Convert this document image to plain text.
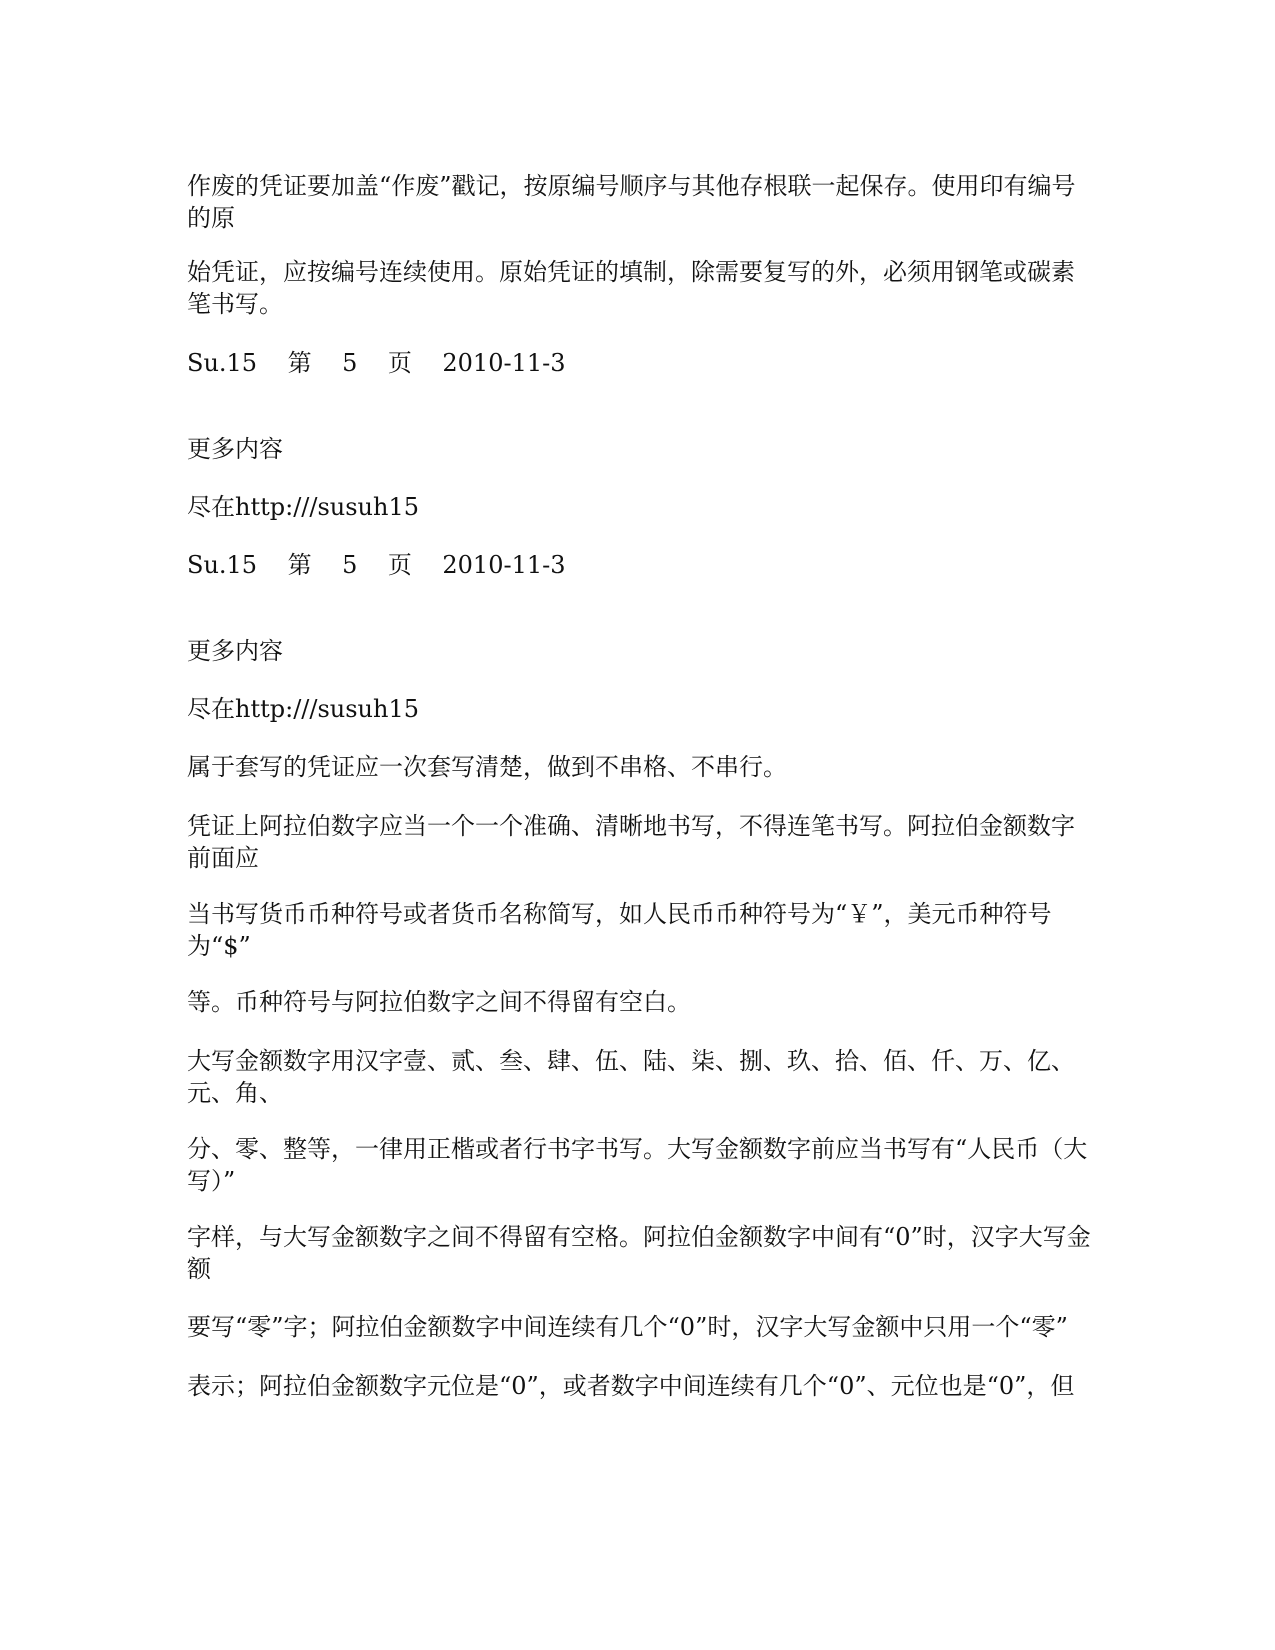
作废的凭证要加盖“作废”戳记，按原编号顺序与其他存根联一起保存。使用印有编号的原
始凭证，应按编号连续使用。原始凭证的填制，除需要复写的外，必须用钢笔或碳素笔书写。
Su.15    第    5    页    2010-11-3
更多内容
尽在http:///susuh15
Su.15    第    5    页    2010-11-3
更多内容
尽在http:///susuh15
属于套写的凭证应一次套写清楚，做到不串格、不串行。
凭证上阿拉伯数字应当一个一个准确、清晰地书写，不得连笔书写。阿拉伯金额数字前面应
当书写货币币种符号或者货币名称简写，如人民币币种符号为“￥”，美元币种符号为“$”
等。币种符号与阿拉伯数字之间不得留有空白。
大写金额数字用汉字壹、贰、叁、肆、伍、陆、柒、捌、玖、拾、佰、仟、万、亿、元、角、
分、零、整等，一律用正楷或者行书字书写。大写金额数字前应当书写有“人民币（大写）”
字样，与大写金额数字之间不得留有空格。阿拉伯金额数字中间有“0”时，汉字大写金额
要写“零”字；阿拉伯金额数字中间连续有几个“0”时，汉字大写金额中只用一个“零”
表示；阿拉伯金额数字元位是“0”，或者数字中间连续有几个“0”、元位也是“0”，但
